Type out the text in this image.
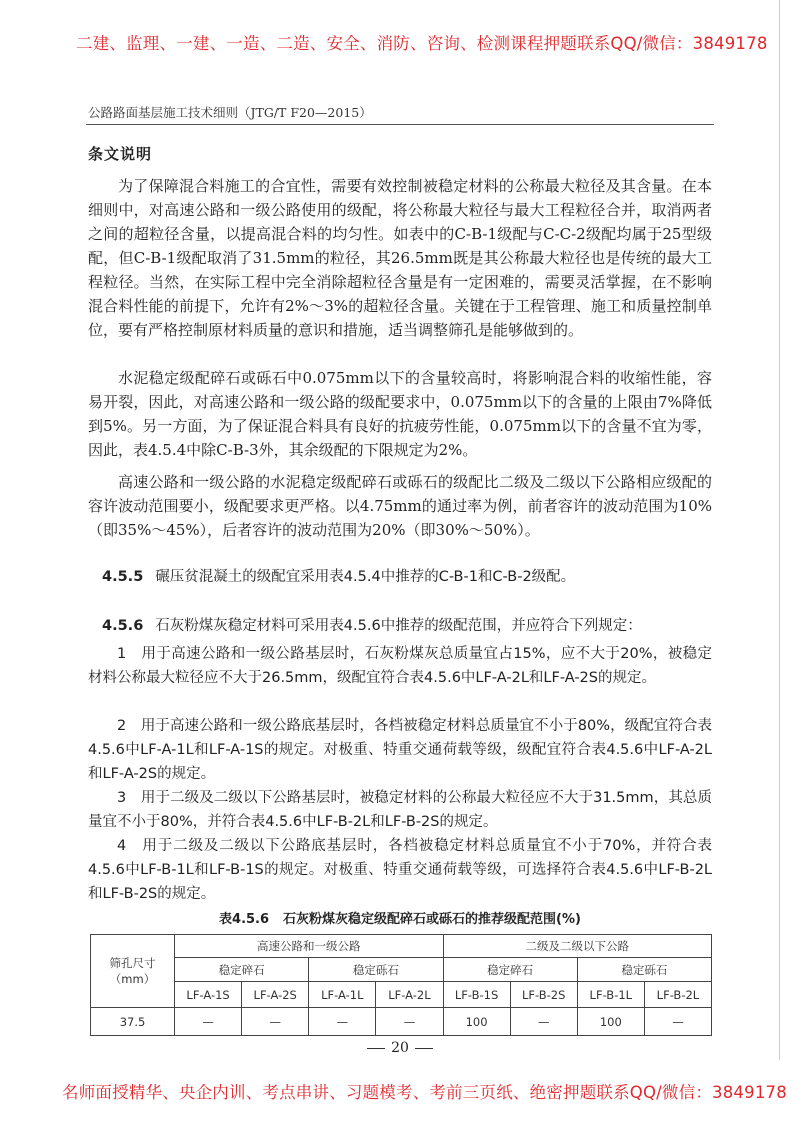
二建、监理、一建、一造、二造、安全、消防、咨询、检测课程押题联系QQ/微信：3849178
公路路面基层施工技术细则（JTG/T F20—2015）
条文说明

为了保障混合料施工的合宜性，需要有效控制被稳定材料的公称最大粒径及其含量。在本细则中，对高速公路和一级公路使用的级配，将公称最大粒径与最大工程粒径合并，取消两者之间的超粒径含量，以提高混合料的均匀性。如表中的C-B-1级配与C-C-2级配均属于25型级配，但C-B-1级配取消了31.5mm的粒径，其26.5mm既是其公称最大粒径也是传统的最大工程粒径。当然，在实际工程中完全消除超粒径含量是有一定困难的，需要灵活掌握，在不影响混合料性能的前提下，允许有2%～3%的超粒径含量。关键在于工程管理、施工和质量控制单位，要有严格控制原材料质量的意识和措施，适当调整筛孔是能够做到的。

水泥稳定级配碎石或砾石中0.075mm以下的含量较高时，将影响混合料的收缩性能，容易开裂，因此，对高速公路和一级公路的级配要求中，0.075mm以下的含量的上限由7%降低到5%。另一方面，为了保证混合料具有良好的抗疲劳性能，0.075mm以下的含量不宜为零，因此，表4.5.4中除C-B-3外，其余级配的下限规定为2%。

高速公路和一级公路的水泥稳定级配碎石或砾石的级配比二级及二级以下公路相应级配的容许波动范围要小，级配要求更严格。以4.75mm的通过率为例，前者容许的波动范围为10%（即35%～45%），后者容许的波动范围为20%（即30%～50%）。

4.5.5 碾压贫混凝土的级配宜采用表4.5.4中推荐的C-B-1和C-B-2级配。

4.5.6 石灰粉煤灰稳定材料可采用表4.5.6中推荐的级配范围，并应符合下列规定：

1　用于高速公路和一级公路基层时，石灰粉煤灰总质量宜占15%，应不大于20%，被稳定材料公称最大粒径应不大于26.5mm，级配宜符合表4.5.6中LF-A-2L和LF-A-2S的规定。

2　用于高速公路和一级公路底基层时，各档被稳定材料总质量宜不小于80%，级配宜符合表4.5.6中LF-A-1L和LF-A-1S的规定。对极重、特重交通荷载等级，级配宜符合表4.5.6中LF-A-2L和LF-A-2S的规定。

3　用于二级及二级以下公路基层时，被稳定材料的公称最大粒径应不大于31.5mm，其总质量宜不小于80%，并符合表4.5.6中LF-B-2L和LF-B-2S的规定。

4　用于二级及二级以下公路底基层时，各档被稳定材料总质量宜不小于70%，并符合表4.5.6中LF-B-1L和LF-B-1S的规定。对极重、特重交通荷载等级，可选择符合表4.5.6中LF-B-2L和LF-B-2S的规定。

表4.5.6 石灰粉煤灰稳定级配碎石或砾石的推荐级配范围(%)
筛孔尺寸（mm）	高速公路和一级公路				二级及二级以下公路			
	稳定碎石		稳定砾石		稳定碎石		稳定砾石	
	LF-A-1S	LF-A-2S	LF-A-1L	LF-A-2L	LF-B-1S	LF-B-2S	LF-B-1L	LF-B-2L
37.5	—	—	—	—	100	—	100	—
20
名师面授精华、央企内训、考点串讲、习题模考、考前三页纸、绝密押题联系QQ/微信：3849178
